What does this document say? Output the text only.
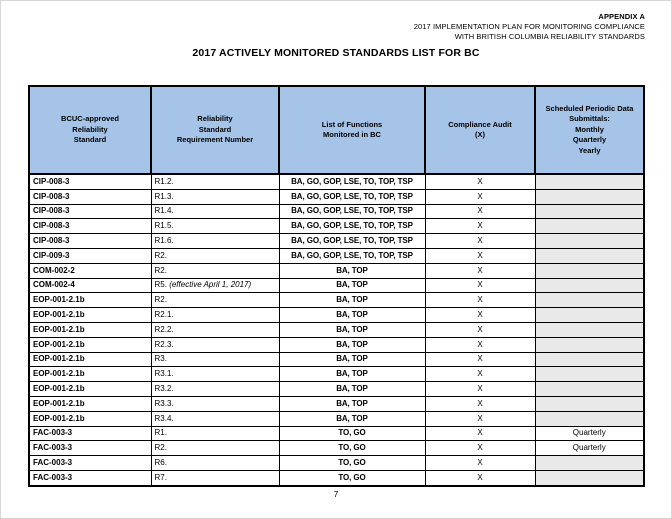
APPENDIX A
2017 IMPLEMENTATION PLAN FOR MONITORING COMPLIANCE
WITH BRITISH COLUMBIA RELIABILITY STANDARDS
2017 ACTIVELY MONITORED STANDARDS LIST FOR BC
BCUC-approved
Reliability
Standard

Reliability
Standard
Requirement Number

List of Functions
Monitored in BC

Compliance Audit
(X)

Scheduled Periodic Data
Submittals:
Monthly
Quarterly
Yearly

CIP-008-3	R1.2.	BA, GO, GOP, LSE, TO, TOP, TSP	X	
CIP-008-3	R1.3.	BA, GO, GOP, LSE, TO, TOP, TSP	X	
CIP-008-3	R1.4.	BA, GO, GOP, LSE, TO, TOP, TSP	X	
CIP-008-3	R1.5.	BA, GO, GOP, LSE, TO, TOP, TSP	X	
CIP-008-3	R1.6.	BA, GO, GOP, LSE, TO, TOP, TSP	X	
CIP-009-3	R2.	BA, GO, GOP, LSE, TO, TOP, TSP	X	
COM-002-2	R2.	BA, TOP	X	
COM-002-4	R5. (effective April 1, 2017)	BA, TOP	X	
EOP-001-2.1b	R2.	BA, TOP	X	
EOP-001-2.1b	R2.1.	BA, TOP	X	
EOP-001-2.1b	R2.2.	BA, TOP	X	
EOP-001-2.1b	R2.3.	BA, TOP	X	
EOP-001-2.1b	R3.	BA, TOP	X	
EOP-001-2.1b	R3.1.	BA, TOP	X	
EOP-001-2.1b	R3.2.	BA, TOP	X	
EOP-001-2.1b	R3.3.	BA, TOP	X	
EOP-001-2.1b	R3.4.	BA, TOP	X	
FAC-003-3	R1.	TO, GO	X	Quarterly
FAC-003-3	R2.	TO, GO	X	Quarterly
FAC-003-3	R6.	TO, GO	X	
FAC-003-3	R7.	TO, GO	X	
7
